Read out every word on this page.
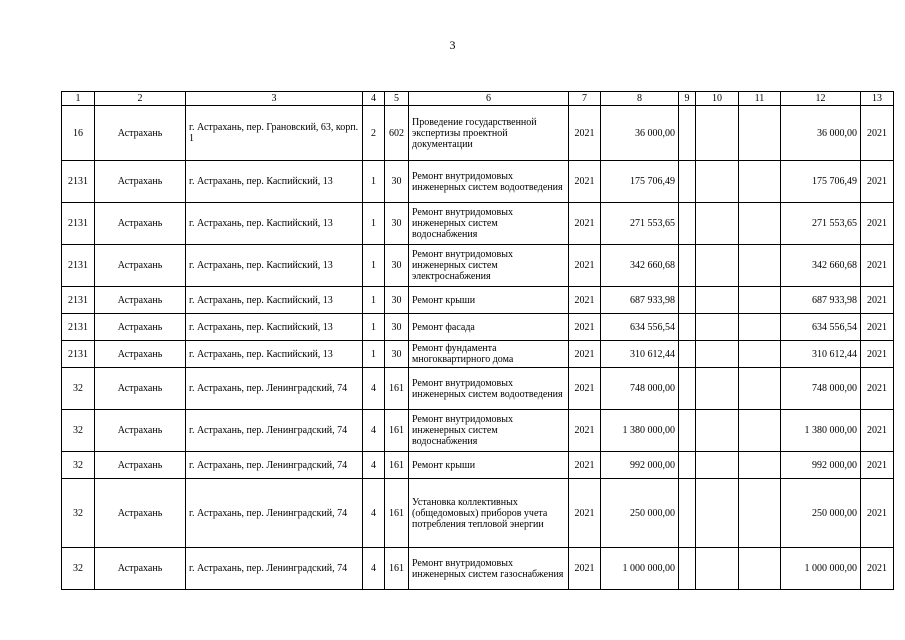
3
1	2	3	4	5	6	7	8	9	10	11	12	13
16	Астрахань	г. Астрахань, пер. Грановский, 63, корп. 1	2	602	Проведение государственной экспертизы проектной документации	2021	36 000,00				36 000,00	2021
2131	Астрахань	г. Астрахань, пер. Каспийский, 13	1	30	Ремонт внутридомовых инженерных систем водоотведения	2021	175 706,49				175 706,49	2021
2131	Астрахань	г. Астрахань, пер. Каспийский, 13	1	30	Ремонт внутридомовых инженерных систем водоснабжения	2021	271 553,65				271 553,65	2021
2131	Астрахань	г. Астрахань, пер. Каспийский, 13	1	30	Ремонт внутридомовых инженерных систем электроснабжения	2021	342 660,68				342 660,68	2021
2131	Астрахань	г. Астрахань, пер. Каспийский, 13	1	30	Ремонт крыши	2021	687 933,98				687 933,98	2021
2131	Астрахань	г. Астрахань, пер. Каспийский, 13	1	30	Ремонт фасада	2021	634 556,54				634 556,54	2021
2131	Астрахань	г. Астрахань, пер. Каспийский, 13	1	30	Ремонт фундамента многоквартирного дома	2021	310 612,44				310 612,44	2021
32	Астрахань	г. Астрахань, пер. Ленинградский, 74	4	161	Ремонт внутридомовых инженерных систем водоотведения	2021	748 000,00				748 000,00	2021
32	Астрахань	г. Астрахань, пер. Ленинградский, 74	4	161	Ремонт внутридомовых инженерных систем водоснабжения	2021	1 380 000,00				1 380 000,00	2021
32	Астрахань	г. Астрахань, пер. Ленинградский, 74	4	161	Ремонт крыши	2021	992 000,00				992 000,00	2021
32	Астрахань	г. Астрахань, пер. Ленинградский, 74	4	161	Установка коллективных (общедомовых) приборов учета потребления тепловой энергии	2021	250 000,00				250 000,00	2021
32	Астрахань	г. Астрахань, пер. Ленинградский, 74	4	161	Ремонт внутридомовых инженерных систем газоснабжения	2021	1 000 000,00				1 000 000,00	2021
